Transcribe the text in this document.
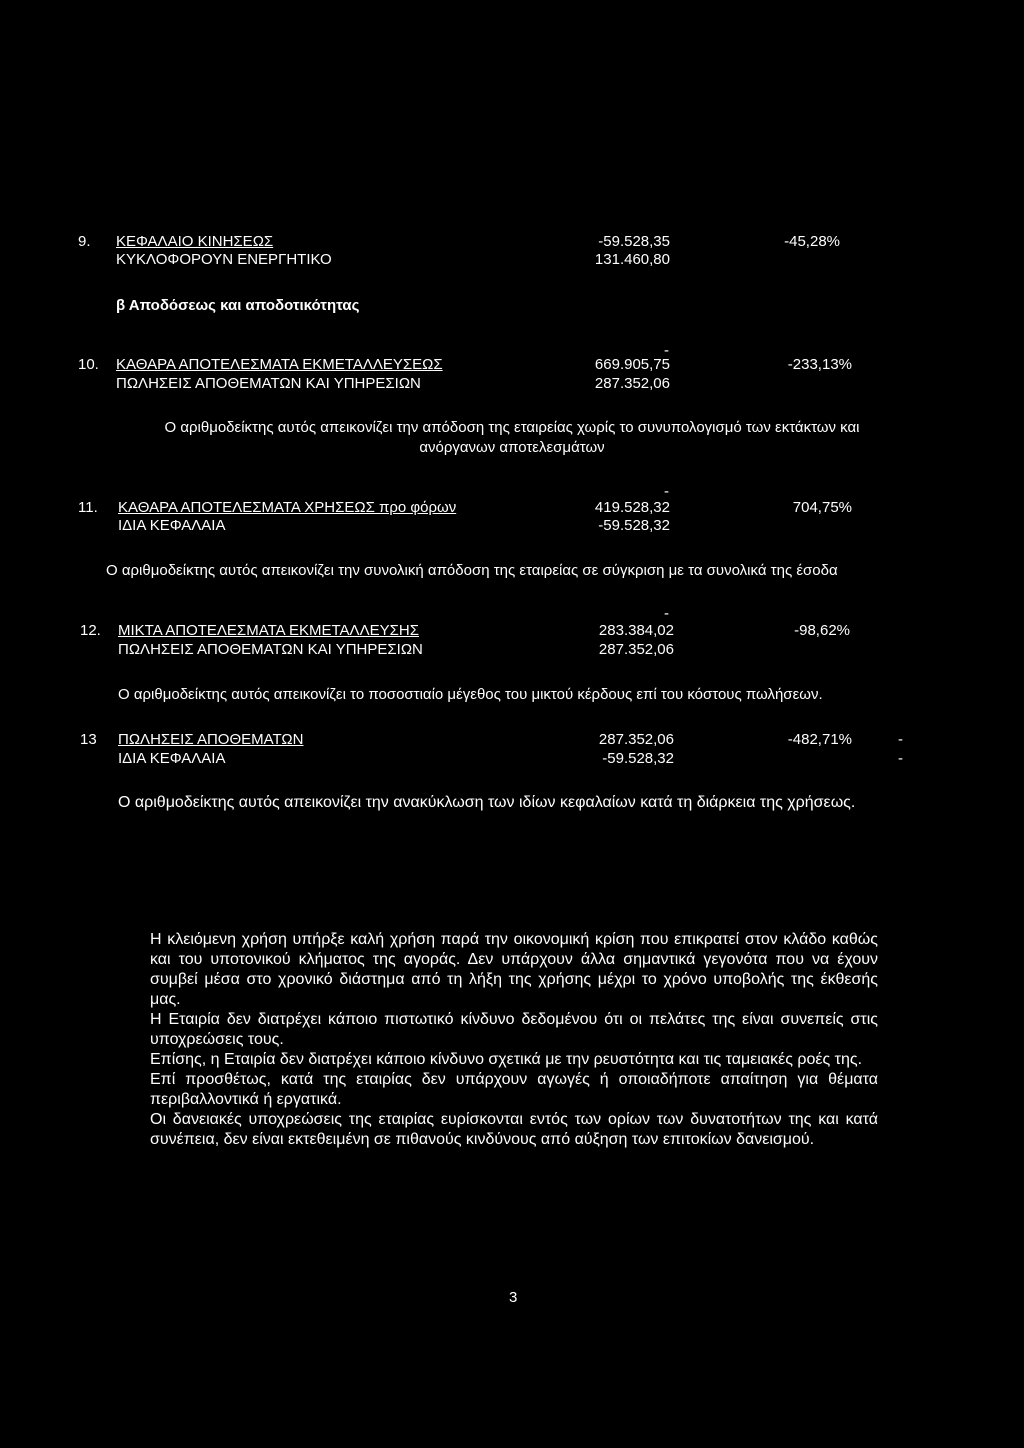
9. ΚΕΦΑΛΑΙΟ ΚΙΝΗΣΕΩΣ
ΚΥΚΛΟΦΟΡΟΥΝ ΕΝΕΡΓΗΤΙΚΟ
-59.528,35
131.460,80
-45,28%
β Αποδόσεως και αποδοτικότητας
-
10. ΚΑΘΑΡΑ ΑΠΟΤΕΛΕΣΜΑΤΑ ΕΚΜΕΤΑΛΛΕΥΣΕΩΣ
ΠΩΛΗΣΕΙΣ ΑΠΟΘΕΜΑΤΩΝ ΚΑΙ ΥΠΗΡΕΣΙΩΝ
669.905,75
287.352,06
-233,13%
Ο αριθμοδείκτης αυτός απεικονίζει την απόδοση της εταιρείας χωρίς το συνυπολογισμό των εκτάκτων και
ανόργανων αποτελεσμάτων
-
11. ΚΑΘΑΡΑ ΑΠΟΤΕΛΕΣΜΑΤΑ ΧΡΗΣΕΩΣ προ φόρων
ΙΔΙΑ ΚΕΦΑΛΑΙΑ
419.528,32
-59.528,32
704,75%
Ο αριθμοδείκτης αυτός απεικονίζει την συνολική απόδοση της εταιρείας σε σύγκριση με τα συνολικά της έσοδα
-
12. ΜΙΚΤΑ ΑΠΟΤΕΛΕΣΜΑΤΑ ΕΚΜΕΤΑΛΛΕΥΣΗΣ
ΠΩΛΗΣΕΙΣ ΑΠΟΘΕΜΑΤΩΝ ΚΑΙ ΥΠΗΡΕΣΙΩΝ
283.384,02
287.352,06
-98,62%
Ο αριθμοδείκτης αυτός απεικονίζει το ποσοστιαίο μέγεθος του μικτού κέρδους επί του κόστους πωλήσεων.
13 ΠΩΛΗΣΕΙΣ ΑΠΟΘΕΜΑΤΩΝ
ΙΔΙΑ ΚΕΦΑΛΑΙΑ
287.352,06
-59.528,32
-482,71%	-
-
Ο αριθμοδείκτης αυτός απεικονίζει την ανακύκλωση των ιδίων κεφαλαίων κατά τη διάρκεια της χρήσεως.

Η κλειόμενη χρήση υπήρξε καλή χρήση παρά την οικονομική κρίση που επικρατεί στον κλάδο καθώς και του υποτονικού κλήματος της αγοράς. Δεν υπάρχουν άλλα σημαντικά γεγονότα που να έχουν συμβεί μέσα στο χρονικό διάστημα από τη λήξη της χρήσης μέχρι το χρόνο υποβολής της έκθεσής μας.

Η Εταιρία δεν διατρέχει κάποιο πιστωτικό κίνδυνο δεδομένου ότι οι πελάτες της είναι συνεπείς στις υποχρεώσεις τους.

Επίσης, η Εταιρία δεν διατρέχει κάποιο κίνδυνο σχετικά με την ρευστότητα και τις ταμειακές ροές της.

Επί προσθέτως, κατά της εταιρίας δεν υπάρχουν αγωγές ή οποιαδήποτε απαίτηση για θέματα περιβαλλοντικά ή εργατικά.

Οι δανειακές υποχρεώσεις της εταιρίας ευρίσκονται εντός των ορίων των δυνατοτήτων της και κατά συνέπεια, δεν είναι εκτεθειμένη σε πιθανούς κινδύνους από αύξηση των επιτοκίων δανεισμού.

3
